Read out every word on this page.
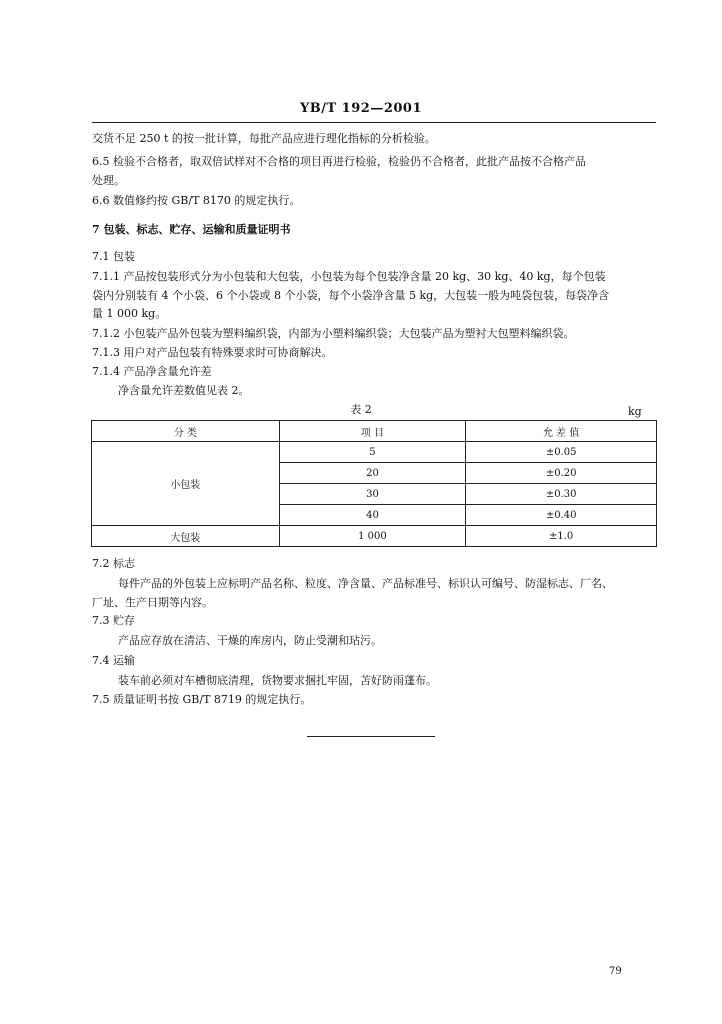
YB/T 192—2001
交货不足 250 t 的按一批计算，每批产品应进行理化指标的分析检验。
6.5 检验不合格者，取双倍试样对不合格的项目再进行检验，检验仍不合格者，此批产品按不合格产品
处理。
6.6 数值修约按 GB/T 8170 的规定执行。
7 包装、标志、贮存、运输和质量证明书
7.1 包装
7.1.1 产品按包装形式分为小包装和大包装，小包装为每个包装净含量 20 kg、30 kg、40 kg，每个包装
袋内分别装有 4 个小袋、6 个小袋或 8 个小袋，每个小袋净含量 5 kg，大包装一般为吨袋包装，每袋净含
量 1 000 kg。
7.1.2 小包装产品外包装为塑料编织袋，内部为小塑料编织袋；大包装产品为塑衬大包塑料编织袋。
7.1.3 用户对产品包装有特殊要求时可协商解决。
7.1.4 产品净含量允许差
净含量允许差数值见表 2。
表 2	kg
分 类	项 目	允 差 值
小包装	5	±0.05
	20	±0.20
	30	±0.30
	40	±0.40
大包装	1 000	±1.0
7.2 标志
每件产品的外包装上应标明产品名称、粒度、净含量、产品标准号、标识认可编号、防湿标志、厂名、
厂址、生产日期等内容。
7.3 贮存
产品应存放在清洁、干燥的库房内，防止受潮和玷污。
7.4 运输
装车前必须对车槽彻底清理，货物要求捆扎牢固，苫好防雨蓬布。
7.5 质量证明书按 GB/T 8719 的规定执行。
79
